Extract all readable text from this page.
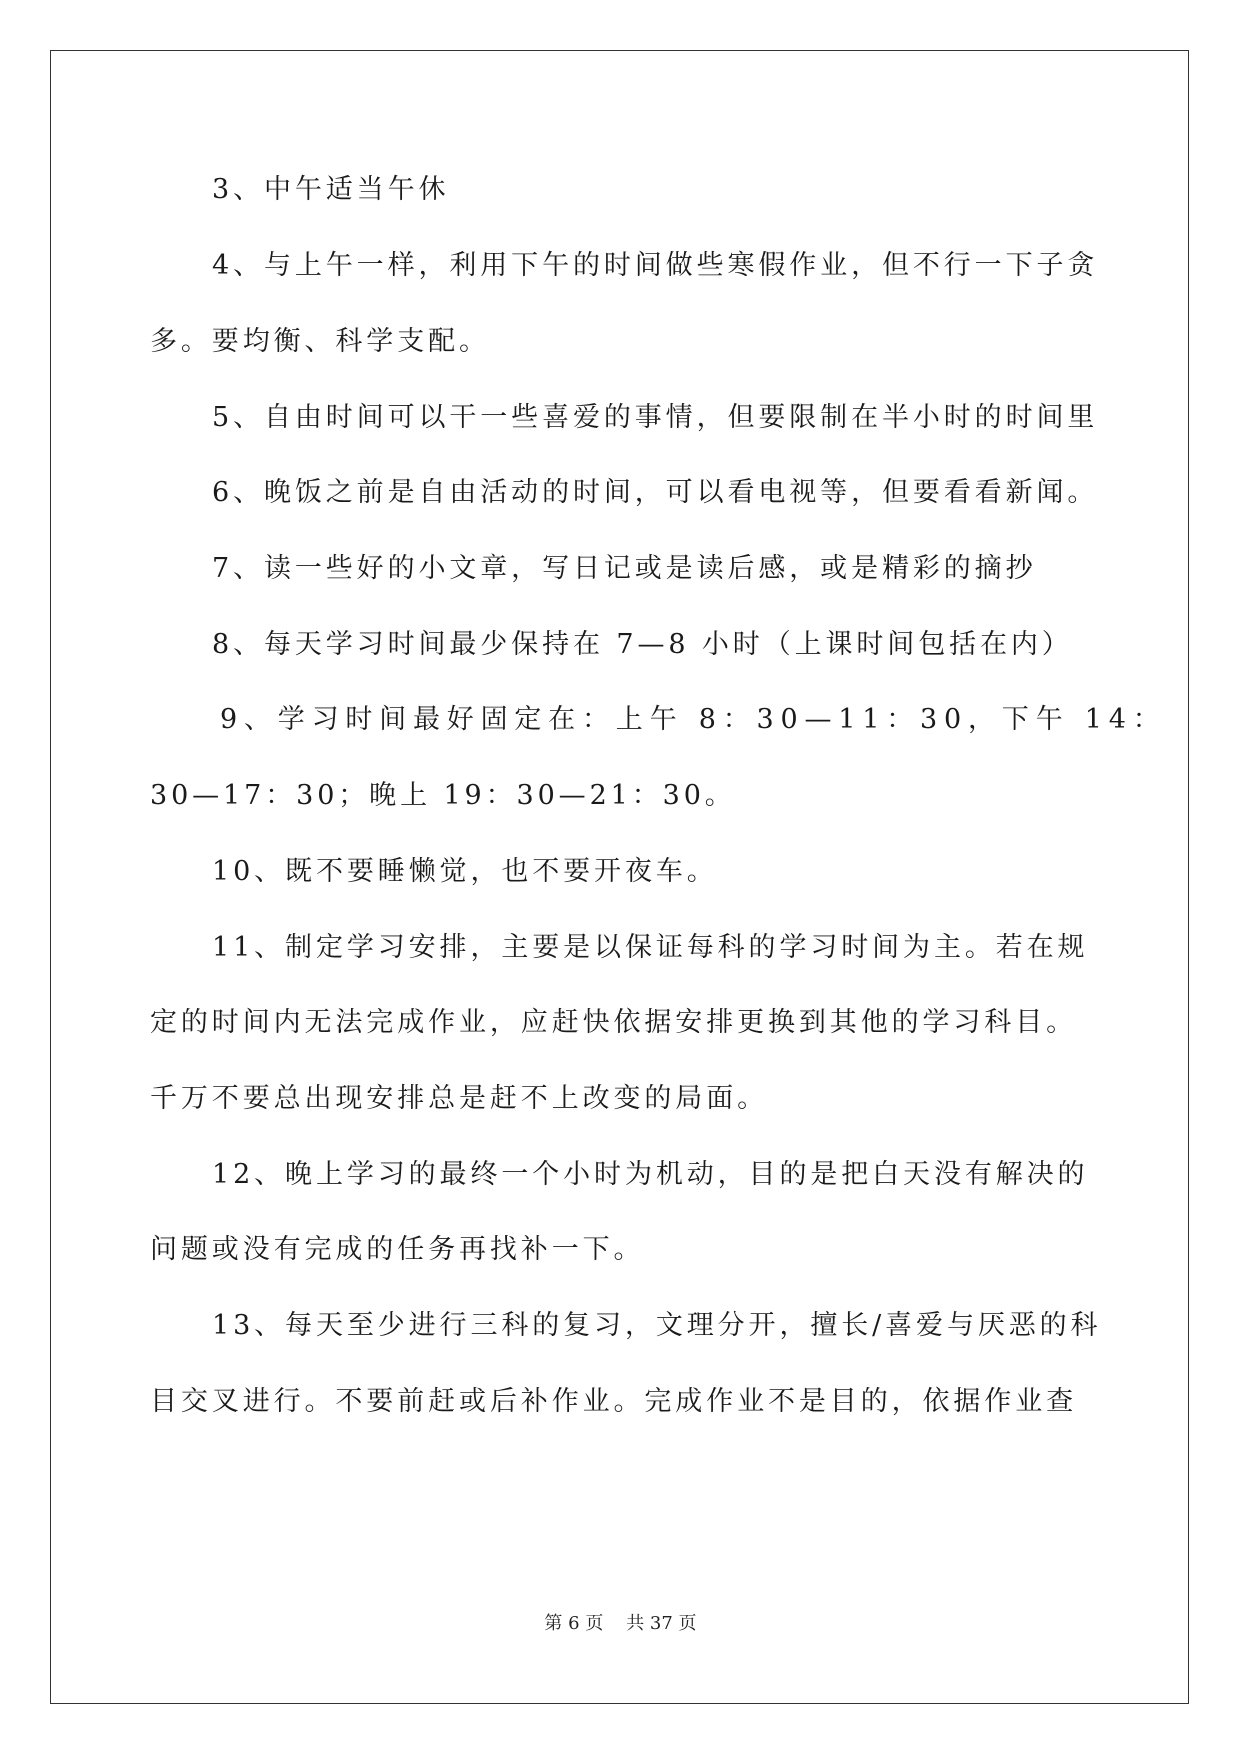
3、中午适当午休

4、与上午一样，利用下午的时间做些寒假作业，但不行一下子贪

多。要均衡、科学支配。

5、自由时间可以干一些喜爱的事情，但要限制在半小时的时间里

6、晚饭之前是自由活动的时间，可以看电视等，但要看看新闻。

7、读一些好的小文章，写日记或是读后感，或是精彩的摘抄

8、每天学习时间最少保持在 7—8 小时（上课时间包括在内）

9、学习时间最好固定在：上午 8：30—11：30，下午 14：

30—17：30；晚上 19：30—21：30。

10、既不要睡懒觉，也不要开夜车。

11、制定学习安排，主要是以保证每科的学习时间为主。若在规

定的时间内无法完成作业，应赶快依据安排更换到其他的学习科目。

千万不要总出现安排总是赶不上改变的局面。

12、晚上学习的最终一个小时为机动，目的是把白天没有解决的

问题或没有完成的任务再找补一下。

13、每天至少进行三科的复习，文理分开，擅长/喜爱与厌恶的科

目交叉进行。不要前赶或后补作业。完成作业不是目的，依据作业查

第 6 页    共 37 页
